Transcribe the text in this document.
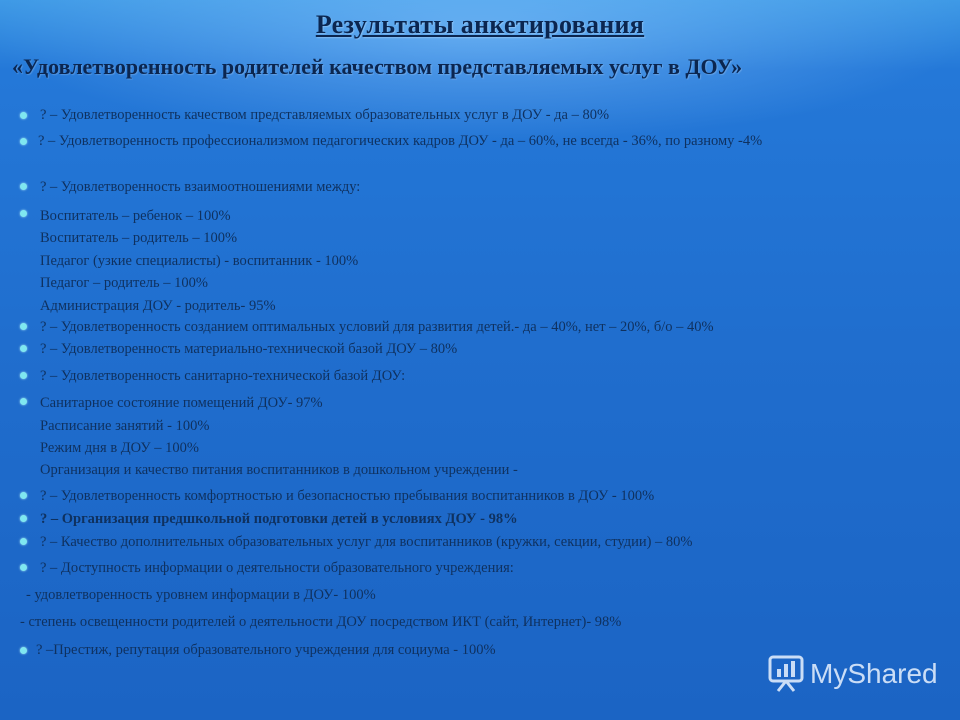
Результаты анкетирования
«Удовлетворенность родителей качеством представляемых услуг в ДОУ»
? – Удовлетворенность качеством представляемых образовательных услуг в ДОУ - да – 80%
? – Удовлетворенность профессионализмом педагогических кадров ДОУ - да – 60%, не всегда - 36%, по разному -4%
? – Удовлетворенность взаимоотношениями между:
Воспитатель – ребенок – 100%
Воспитатель – родитель – 100%
Педагог (узкие специалисты) - воспитанник - 100%
Педагог – родитель – 100%
Администрация ДОУ - родитель- 95%
? – Удовлетворенность созданием оптимальных условий для развития детей.- да – 40%, нет – 20%, б/о – 40%
? – Удовлетворенность материально-технической базой ДОУ – 80%
? – Удовлетворенность санитарно-технической базой ДОУ:
Санитарное состояние помещений ДОУ- 97%
Расписание занятий - 100%
Режим дня в ДОУ – 100%
Организация и качество питания воспитанников в дошкольном учреждении -
? – Удовлетворенность комфортностью и безопасностью пребывания воспитанников в ДОУ - 100%
? – Организация предшкольной подготовки детей в условиях ДОУ - 98%
? – Качество дополнительных образовательных услуг для воспитанников (кружки, секции, студии) – 80%
? – Доступность информации о деятельности образовательного учреждения:
- удовлетворенность уровнем информации в ДОУ- 100%
- степень освещенности родителей о деятельности ДОУ посредством ИКТ (сайт, Интернет)- 98%
? –Престиж, репутация образовательного учреждения для социума - 100%
MyShared
